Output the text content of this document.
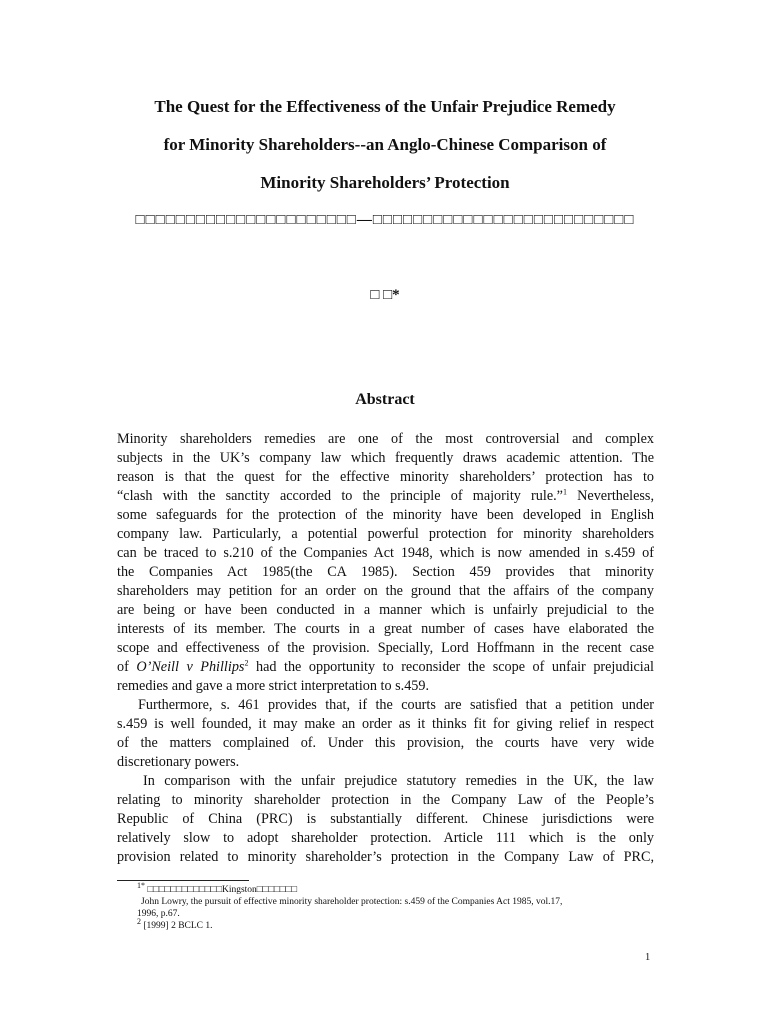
The Quest for the Effectiveness of the Unfair Prejudice Remedy
for Minority Shareholders--an Anglo-Chinese Comparison of
Minority Shareholders’ Protection
□□□□□□□□□□□□□□□□□□□□□□—□□□□□□□□□□□□□□□□□□□□□□□□□□
□ □*
Abstract

Minority shareholders remedies are one of the most controversial and complex
subjects in the UK’s company law which frequently draws academic attention. The
reason is that the quest for the effective minority shareholders’ protection has to
“clash with the sanctity accorded to the principle of majority rule.”$^1$ Nevertheless,
some safeguards for the protection of the minority have been developed in English
company law. Particularly, a potential powerful protection for minority shareholders
can be traced to s.210 of the Companies Act 1948, which is now amended in s.459 of
the Companies Act 1985(the CA 1985). Section 459 provides that minority
shareholders may petition for an order on the ground that the affairs of the company
are being or have been conducted in a manner which is unfairly prejudicial to the
interests of its member. The courts in a great number of cases have elaborated the
scope and effectiveness of the provision. Specially, Lord Hoffmann in the recent case
of O’Neill v Phillips$^2$ had the opportunity to reconsider the scope of unfair prejudicial
remedies and gave a more strict interpretation to s.459.

Furthermore, s. 461 provides that, if the courts are satisfied that a petition under
s.459 is well founded, it may make an order as it thinks fit for giving relief in respect
of the matters complained of. Under this provision, the courts have very wide
discretionary powers.

In comparison with the unfair prejudice statutory remedies in the UK, the law
relating to minority shareholder protection in the Company Law of the People’s
Republic of China (PRC) is substantially different. Chinese jurisdictions were
relatively slow to adopt shareholder protection. Article 111 which is the only
provision related to minority shareholder’s protection in the Company Law of PRC,

$^{1*}$ □□□□□□□□□□□□□Kingston□□□□□□□
John Lowry, the pursuit of effective minority shareholder protection: s.459 of the Companies Act 1985, vol.17,
1996, p.67.
$^2$ [1999] 2 BCLC 1.
1
